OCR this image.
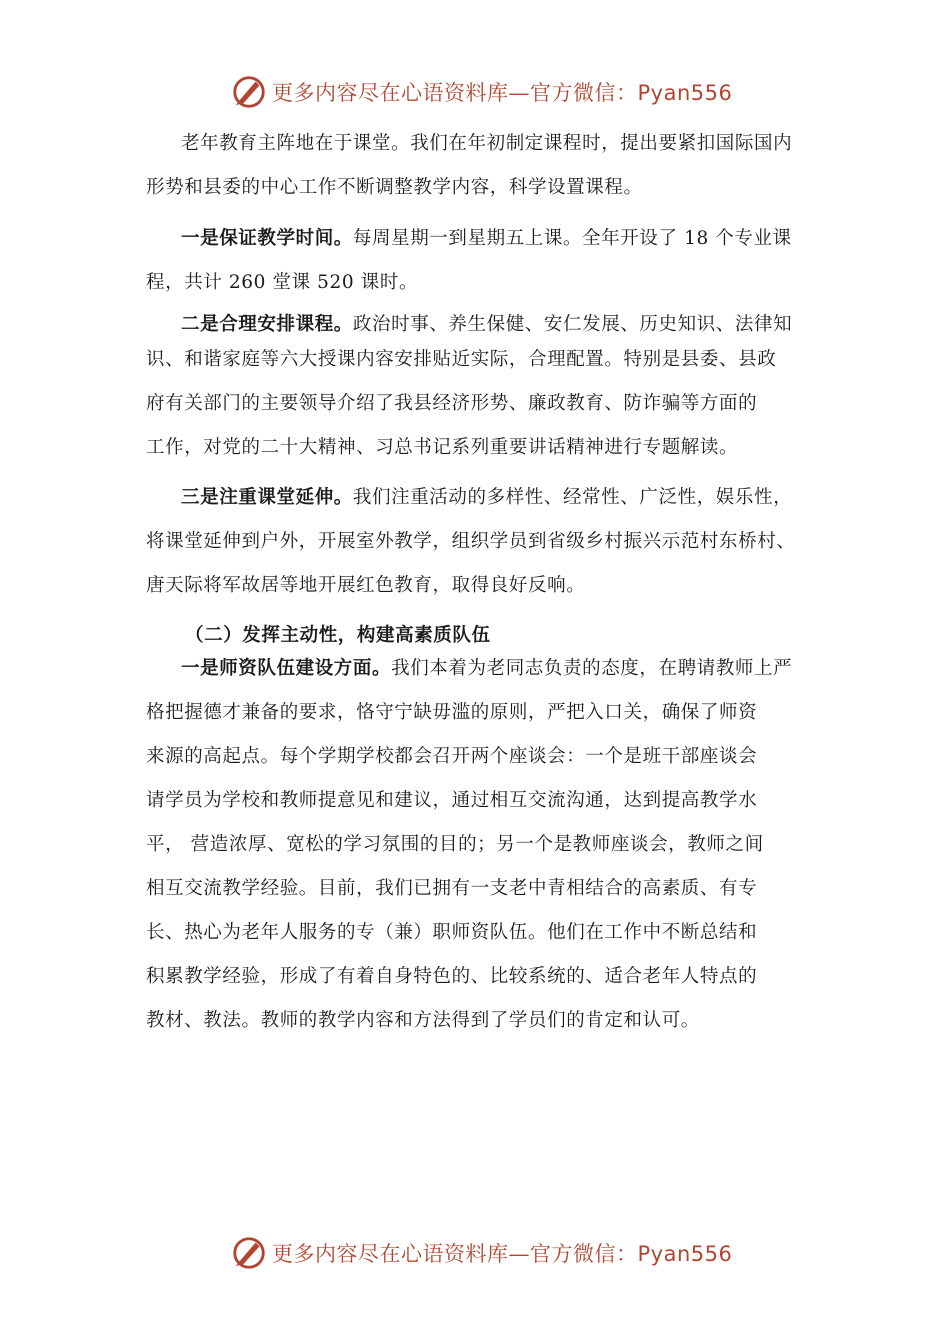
更多内容尽在心语资料库—官方微信：Pyan556
老年教育主阵地在于课堂。我们在年初制定课程时，提出要紧扣国际国内
形势和县委的中心工作不断调整教学内容，科学设置课程。
一是保证教学时间。每周星期一到星期五上课。全年开设了 18 个专业课
程，共计 260 堂课 520 课时。
二是合理安排课程。政治时事、养生保健、安仁发展、历史知识、法律知
识、和谐家庭等六大授课内容安排贴近实际，合理配置。特别是县委、县政
府有关部门的主要领导介绍了我县经济形势、廉政教育、防诈骗等方面的
工作，对党的二十大精神、习总书记系列重要讲话精神进行专题解读。
三是注重课堂延伸。我们注重活动的多样性、经常性、广泛性，娱乐性，
将课堂延伸到户外，开展室外教学，组织学员到省级乡村振兴示范村东桥村、
唐天际将军故居等地开展红色教育，取得良好反响。
（二）发挥主动性，构建高素质队伍
一是师资队伍建设方面。我们本着为老同志负责的态度，在聘请教师上严
格把握德才兼备的要求，恪守宁缺毋滥的原则，严把入口关，确保了师资
来源的高起点。每个学期学校都会召开两个座谈会：一个是班干部座谈会
请学员为学校和教师提意见和建议，通过相互交流沟通，达到提高教学水
平， 营造浓厚、宽松的学习氛围的目的；另一个是教师座谈会，教师之间
相互交流教学经验。目前，我们已拥有一支老中青相结合的高素质、有专
长、热心为老年人服务的专（兼）职师资队伍。他们在工作中不断总结和
积累教学经验，形成了有着自身特色的、比较系统的、适合老年人特点的
教材、教法。教师的教学内容和方法得到了学员们的肯定和认可。
更多内容尽在心语资料库—官方微信：Pyan556
